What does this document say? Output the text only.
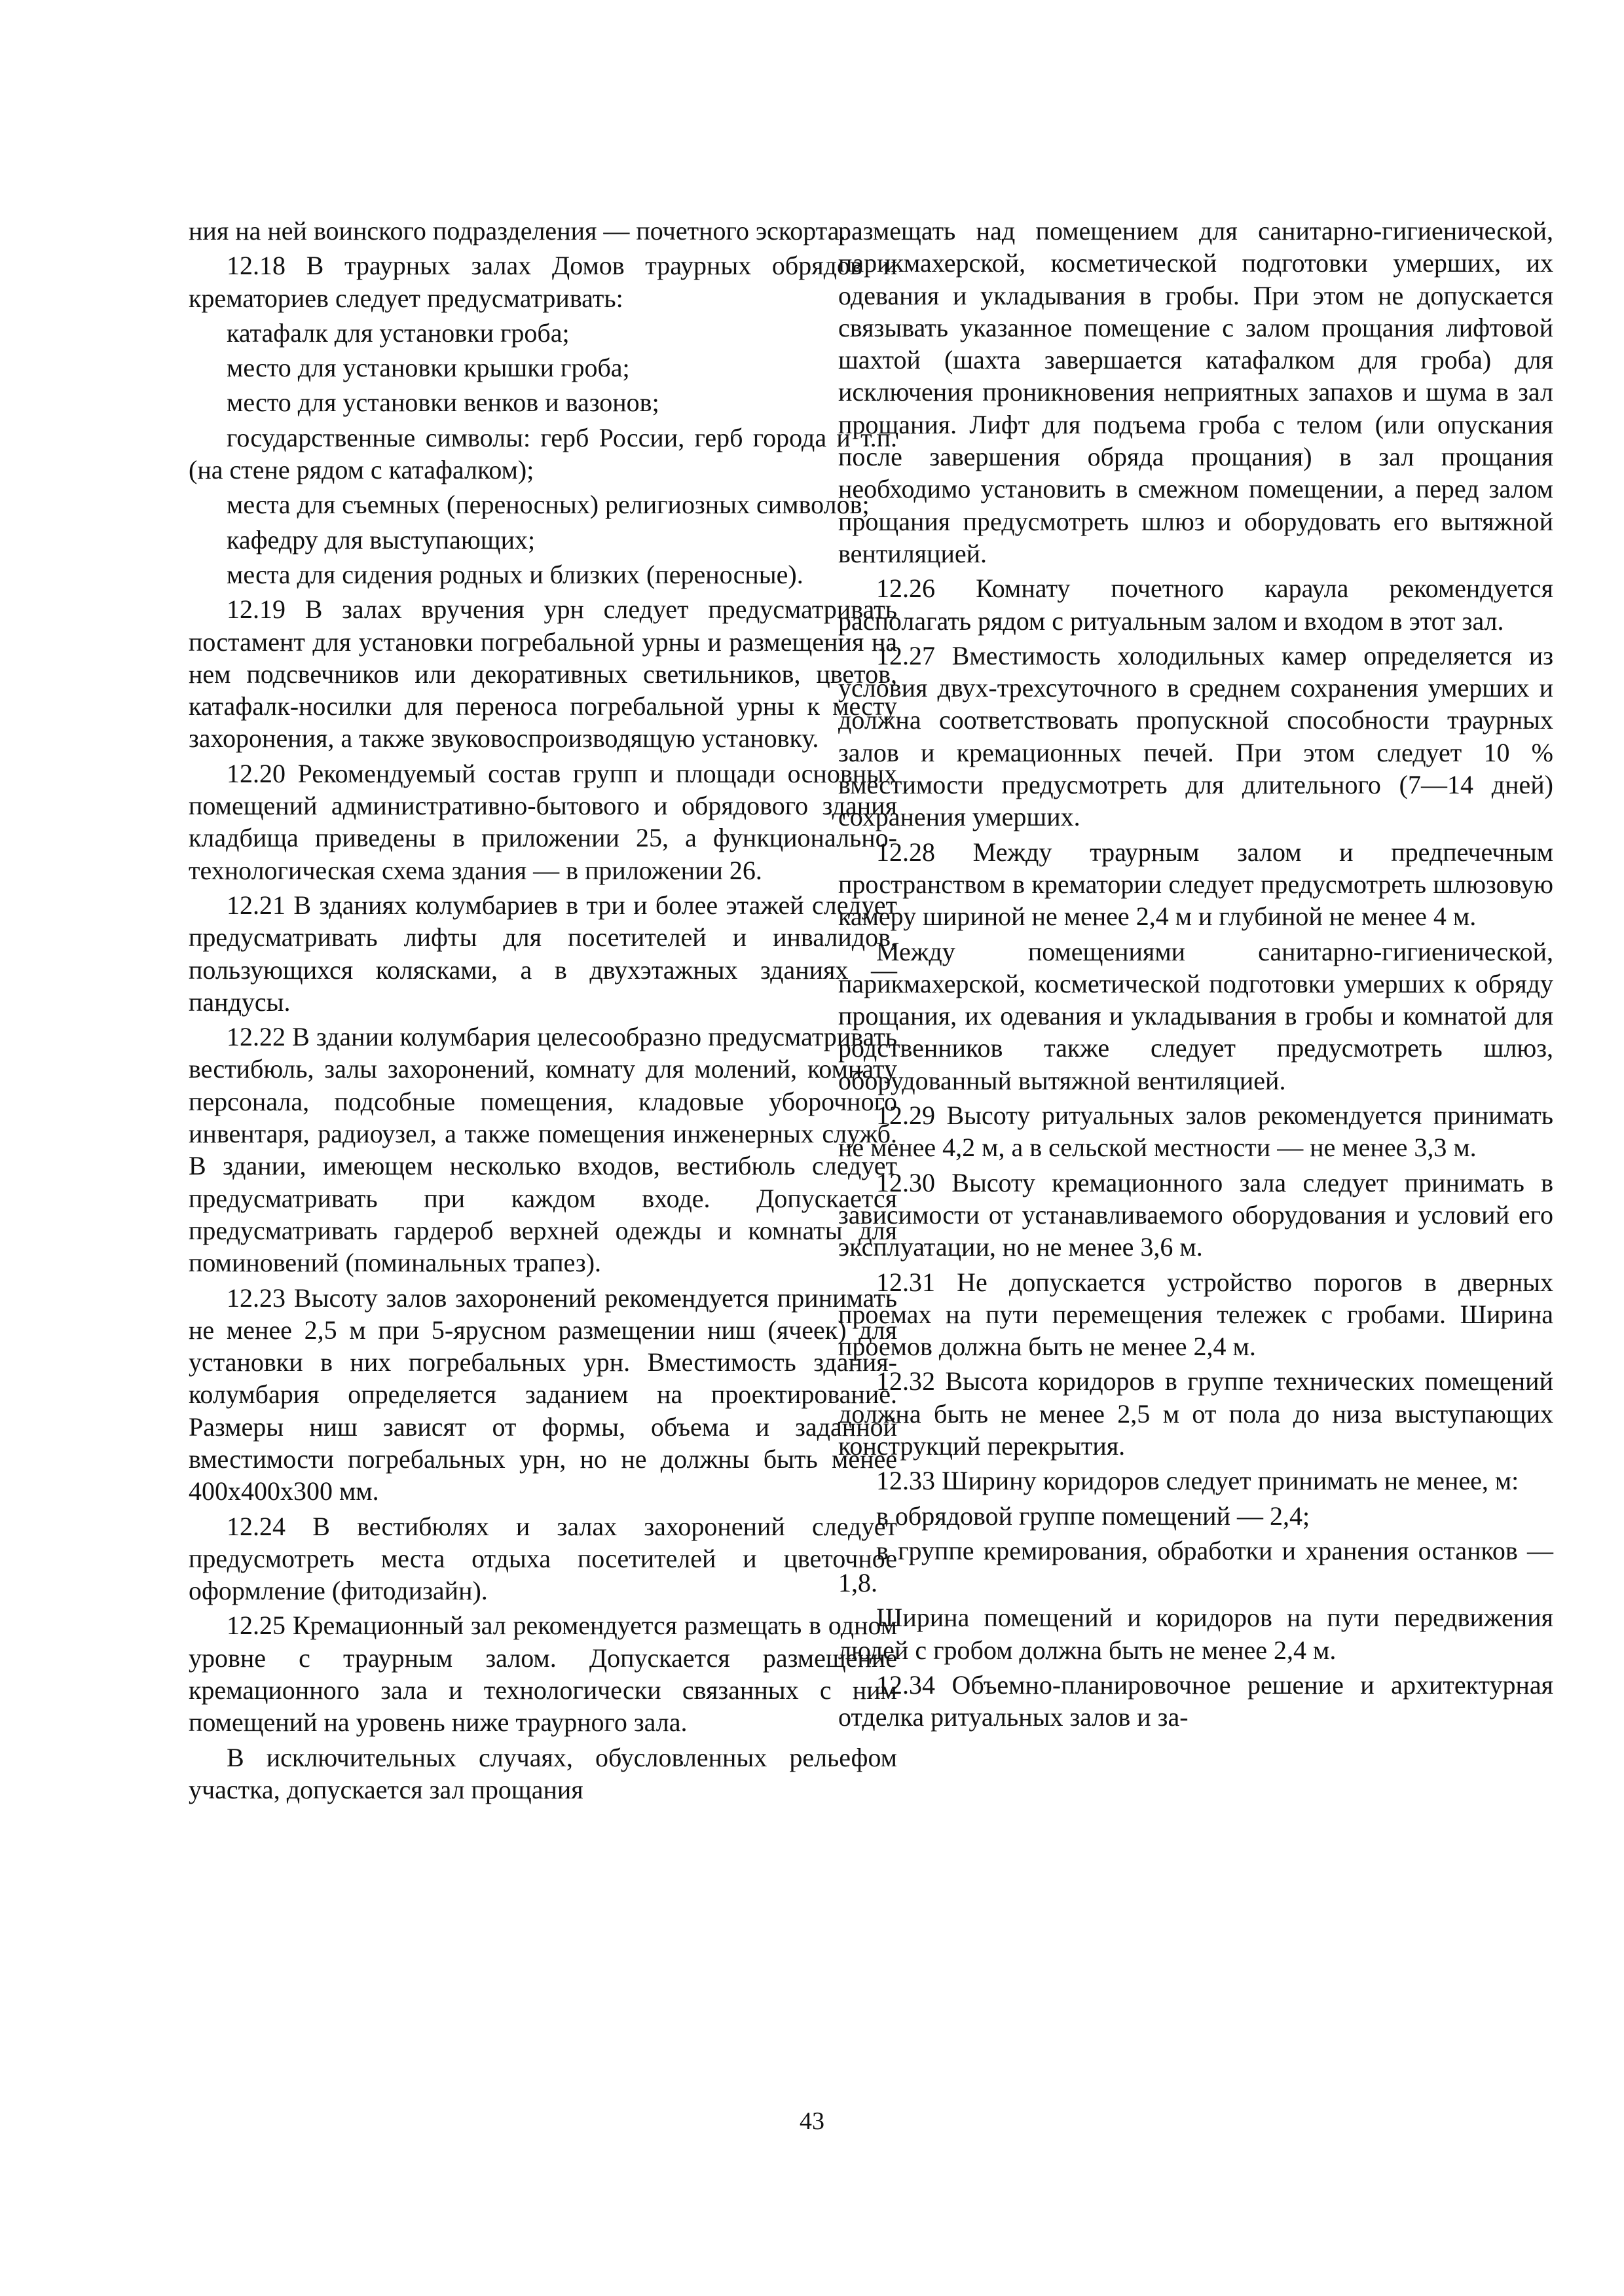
ния на ней воинского подразделения — почетного эскорта.

12.18 В траурных залах Домов траурных обрядов и крематориев следует предусматривать:

катафалк для установки гроба;

место для установки крышки гроба;

место для установки венков и вазонов;

государственные символы: герб России, герб города и т.п. (на стене рядом с катафалком);

места для съемных (переносных) религиозных символов;

кафедру для выступающих;

места для сидения родных и близких (переносные).

12.19 В залах вручения урн следует предусматривать постамент для установки погребальной урны и размещения на нем подсвечников или декоративных светильников, цветов, катафалк-носилки для переноса погребальной урны к месту захоронения, а также звуковоспроизводящую установку.

12.20 Рекомендуемый состав групп и площади основных помещений административно-бытового и обрядового здания кладбища приведены в приложении 25, а функционально-технологическая схема здания — в приложении 26.

12.21 В зданиях колумбариев в три и более этажей следует предусматривать лифты для посетителей и инвалидов, пользующихся колясками, а в двухэтажных зданиях — пандусы.

12.22 В здании колумбария целесообразно предусматривать вестибюль, залы захоронений, комнату для молений, комнату персонала, подсобные помещения, кладовые уборочного инвентаря, радиоузел, а также помещения инженерных служб. В здании, имеющем несколько входов, вестибюль следует предусматривать при каждом входе. Допускается предусматривать гардероб верхней одежды и комнаты для поминовений (поминальных трапез).

12.23 Высоту залов захоронений рекомендуется принимать не менее 2,5 м при 5-ярусном размещении ниш (ячеек) для установки в них погребальных урн. Вместимость здания-колумбария определяется заданием на проектирование. Размеры ниш зависят от формы, объема и заданной вместимости погребальных урн, но не должны быть менее 400х400х300 мм.

12.24 В вестибюлях и залах захоронений следует предусмотреть места отдыха посетителей и цветочное оформление (фитодизайн).

12.25 Кремационный зал рекомендуется размещать в одном уровне с траурным залом. Допускается размещение кремационного зала и технологически связанных с ним помещений на уровень ниже траурного зала.

В исключительных случаях, обусловленных рельефом участка, допускается зал прощания

размещать над помещением для санитарно-гигиенической, парикмахерской, косметической подготовки умерших, их одевания и укладывания в гробы. При этом не допускается связывать указанное помещение с залом прощания лифтовой шахтой (шахта завершается катафалком для гроба) для исключения проникновения неприятных запахов и шума в зал прощания. Лифт для подъема гроба с телом (или опускания после завершения обряда прощания) в зал прощания необходимо установить в смежном помещении, а перед залом прощания предусмотреть шлюз и оборудовать его вытяжной вентиляцией.

12.26 Комнату почетного караула рекомендуется располагать рядом с ритуальным залом и входом в этот зал.

12.27 Вместимость холодильных камер определяется из условия двух-трехсуточного в среднем сохранения умерших и должна соответствовать пропускной способности траурных залов и кремационных печей. При этом следует 10 % вместимости предусмотреть для длительного (7—14 дней) сохранения умерших.

12.28 Между траурным залом и предпечечным пространством в крематории следует предусмотреть шлюзовую камеру шириной не менее 2,4 м и глубиной не менее 4 м.

Между помещениями санитарно-гигиенической, парикмахерской, косметической подготовки умерших к обряду прощания, их одевания и укладывания в гробы и комнатой для родственников также следует предусмотреть шлюз, оборудованный вытяжной вентиляцией.

12.29 Высоту ритуальных залов рекомендуется принимать не менее 4,2 м, а в сельской местности — не менее 3,3 м.

12.30 Высоту кремационного зала следует принимать в зависимости от устанавливаемого оборудования и условий его эксплуатации, но не менее 3,6 м.

12.31 Не допускается устройство порогов в дверных проемах на пути перемещения тележек с гробами. Ширина проемов должна быть не менее 2,4 м.

12.32 Высота коридоров в группе технических помещений должна быть не менее 2,5 м от пола до низа выступающих конструкций перекрытия.

12.33 Ширину коридоров следует принимать не менее, м:

в обрядовой группе помещений — 2,4;

в группе кремирования, обработки и хранения останков — 1,8.

Ширина помещений и коридоров на пути передвижения людей с гробом должна быть не менее 2,4 м.

12.34 Объемно-планировочное решение и архитектурная отделка ритуальных залов и за-

43
